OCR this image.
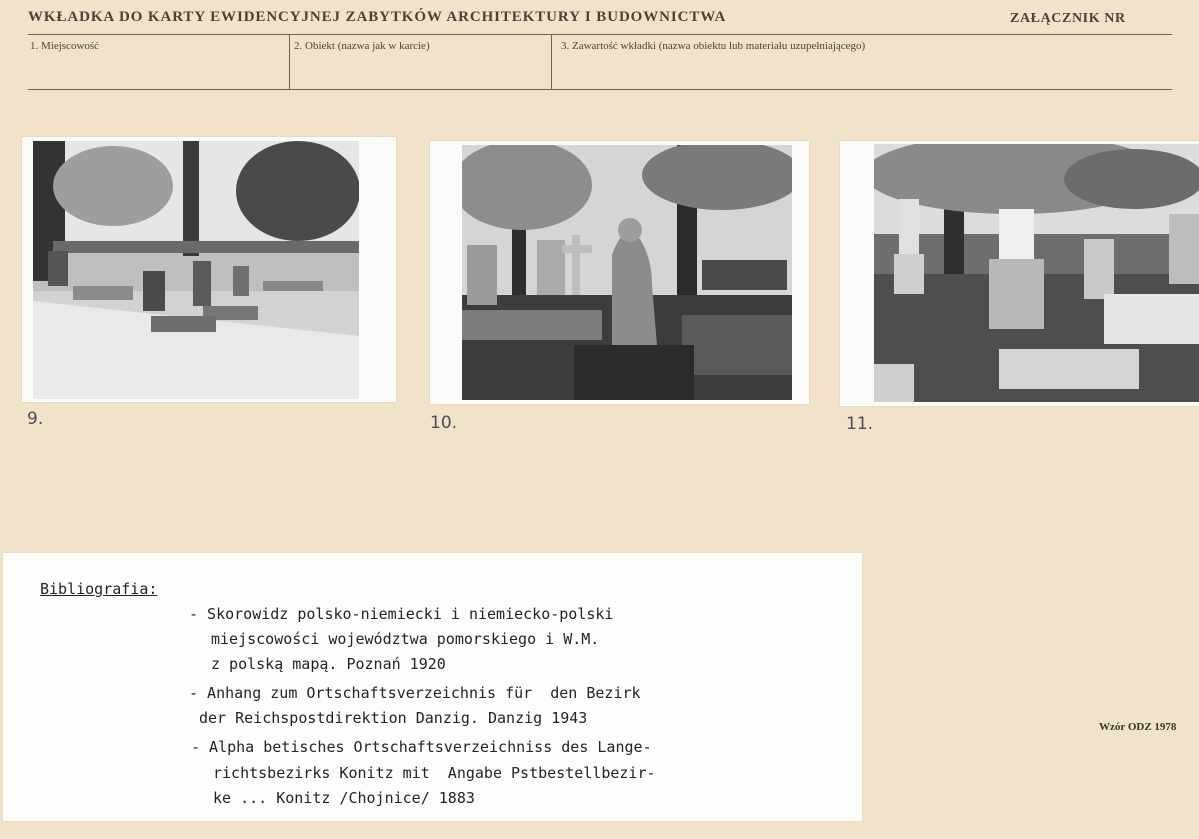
WKŁADKA DO KARTY EWIDENCYJNEJ ZABYTKÓW ARCHITEKTURY I BUDOWNICTWA	ZAŁĄCZNIK NR
1. Miejscowość	2. Obiekt (nazwa jak w karcie)	3. Zawartość wkładki (nazwa obiektu lub materiału uzupełniającego)
9.	10.	11.
Bibliografia:
- Skorowidz polsko-niemiecki i niemiecko-polski
miejscowości województwa pomorskiego i W.M.
z polską mapą. Poznań 1920
- Anhang zum Ortschaftsverzeichnis für  den Bezirk
der Reichspostdirektion Danzig. Danzig 1943
- Alpha betisches Ortschaftsverzeichniss des Lange-
richtsbezirks Konitz mit  Angabe Pstbestellbezir-
ke ... Konitz /Chojnice/ 1883
Wzór ODZ 1978
